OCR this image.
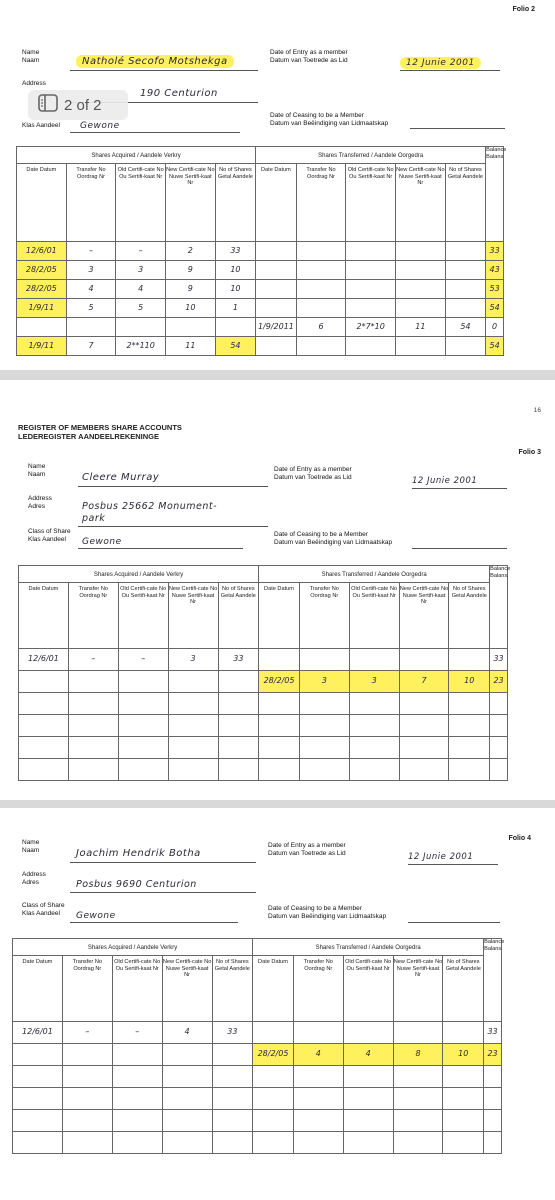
Folio 2
Name
Naam	Natholé Secofo Motshekga
Date of Entry as a member
Datum van Toetrede as Lid	12 Junie 2001
Address
190 Centurion
2 of 2
Klas Aandeel Gewone
Date of Ceasing to be a Member
Datum van Beëindiging van Lidmaatskap
Shares Acquired / Aandele Verkry					Shares Transferred / Aandele Oorgedra					Balance
Balans

Date Datum	Transfer No Oordrag Nr	Old Certifi-cate No Ou Sertifi-kaat Nr	New Certifi-cate No Nuwe Sertifi-kaat Nr	No of Shares Getal Aandele	Date Datum	Transfer No Oordrag Nr	Old Certifi-cate No Ou Sertifi-kaat Nr	New Certifi-cate No Nuwe Sertifi-kaat Nr	No of Shares Getal Aandele	
12/6/01	–	–	2	33						33
28/2/05	3	3	9	10						43
28/2/05	4	4	9	10						53
1/9/11	5	5	10	1						54
					1/9/2011	6	2*7*10	11	54	0
1/9/11	7	2**110	11	54						54
16
REGISTER OF MEMBERS SHARE ACCOUNTS
LEDEREGISTER AANDEELREKENINGE
Folio 3
Name
Naam	Cleere Murray
Date of Entry as a member
Datum van Toetrede as Lid	12 Junie 2001
Address
Adres	Posbus 25662 Monument-
park
Class of Share
Klas Aandeel	Gewone
Date of Ceasing to be a Member
Datum van Beëindiging van Lidmaatskap
Shares Acquired / Aandele Verkry					Shares Transferred / Aandele Oorgedra					Balance
Balans

Date Datum	Transfer No Oordrag Nr	Old Certifi-cate No Ou Sertifi-kaat Nr	New Certifi-cate No Nuwe Sertifi-kaat Nr	No of Shares Getal Aandele	Date Datum	Transfer No Oordrag Nr	Old Certifi-cate No Ou Sertifi-kaat Nr	New Certifi-cate No Nuwe Sertifi-kaat Nr	No of Shares Getal Aandele	
12/6/01	–	–	3	33						33
					28/2/05	3	3	7	10	23

Folio 4
Name
Naam	Joachim Hendrik Botha
Date of Entry as a member
Datum van Toetrede as Lid	12 Junie 2001
Address
Adres	Posbus 9690 Centurion
Class of Share
Klas Aandeel	Gewone
Date of Ceasing to be a Member
Datum van Beëindiging van Lidmaatskap
Shares Acquired / Aandele Verkry					Shares Transferred / Aandele Oorgedra					Balance
Balans

Date Datum	Transfer No Oordrag Nr	Old Certifi-cate No Ou Sertifi-kaat Nr	New Certifi-cate No Nuwe Sertifi-kaat Nr	No of Shares Getal Aandele	Date Datum	Transfer No Oordrag Nr	Old Certifi-cate No Ou Sertifi-kaat Nr	New Certifi-cate No Nuwe Sertifi-kaat Nr	No of Shares Getal Aandele	
12/6/01	–	–	4	33						33
					28/2/05	4	4	8	10	23
